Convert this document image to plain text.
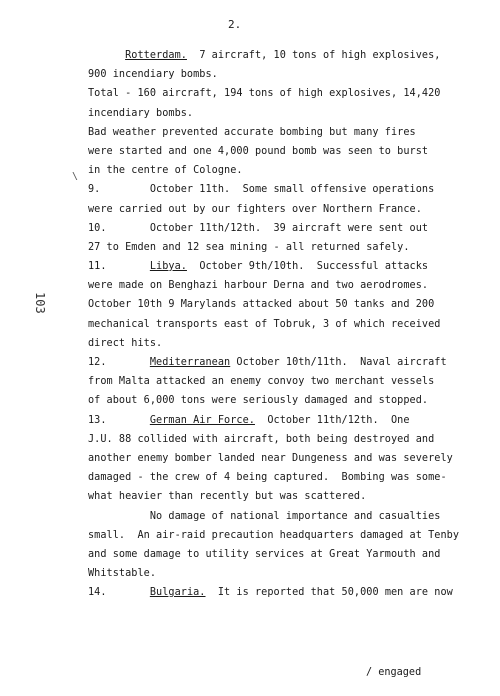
2.
103
\
Rotterdam.  7 aircraft, 10 tons of high explosives,
900 incendiary bombs.
Total - 160 aircraft, 194 tons of high explosives, 14,420
incendiary bombs.
Bad weather prevented accurate bombing but many fires
were started and one 4,000 pound bomb was seen to burst
in the centre of Cologne.
9.        October 11th.  Some small offensive operations
were carried out by our fighters over Northern France.
10.       October 11th/12th.  39 aircraft were sent out
27 to Emden and 12 sea mining - all returned safely.
11.       Libya.  October 9th/10th.  Successful attacks
were made on Benghazi harbour Derna and two aerodromes.
October 10th 9 Marylands attacked about 50 tanks and 200
mechanical transports east of Tobruk, 3 of which received
direct hits.
12.       Mediterranean October 10th/11th.  Naval aircraft
from Malta attacked an enemy convoy two merchant vessels
of about 6,000 tons were seriously damaged and stopped.
13.       German Air Force.  October 11th/12th.  One
J.U. 88 collided with aircraft, both being destroyed and
another enemy bomber landed near Dungeness and was severely
damaged - the crew of 4 being captured.  Bombing was some-
what heavier than recently but was scattered.
No damage of national importance and casualties
small.  An air-raid precaution headquarters damaged at Tenby
and some damage to utility services at Great Yarmouth and
Whitstable.
14.       Bulgaria.  It is reported that 50,000 men are now
/ engaged
